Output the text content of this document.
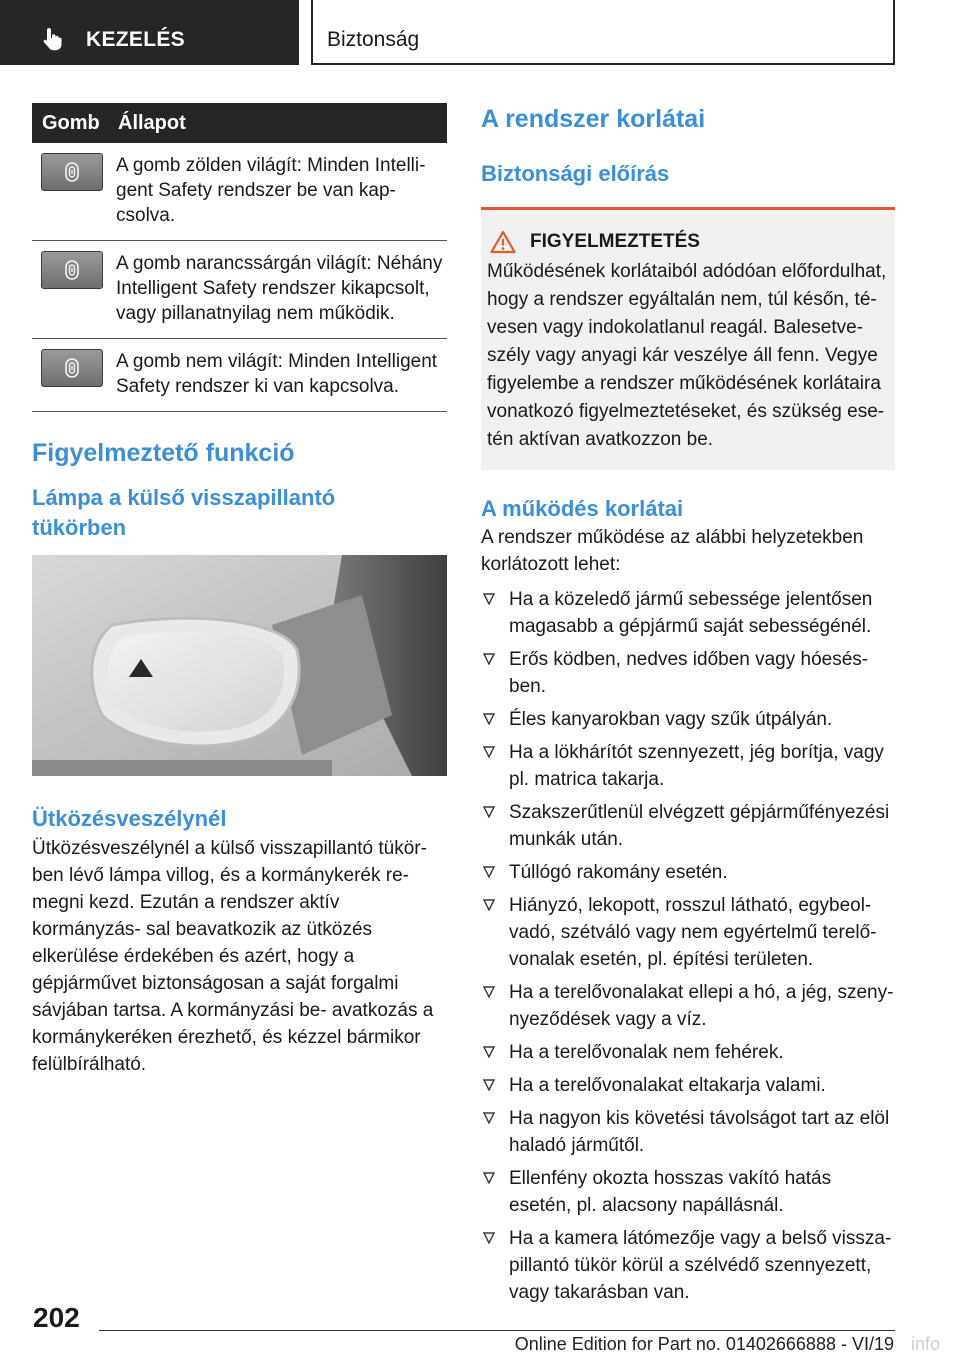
KEZELÉS	Biztonság
Gomb	Állapot

	A gomb zölden világít: Minden Intelli- gent Safety rendszer be van kap- csolva.

	A gomb narancssárgán világít: Néhány Intelligent Safety rendszer kikapcsolt, vagy pillanatnyilag nem működik.

	A gomb nem világít: Minden Intelligent Safety rendszer ki van kapcsolva.
Figyelmeztető funkció
Lámpa a külső visszapillantó tükörben
Ütközésveszélynél
Ütközésveszélynél a külső visszapillantó tükör- ben lévő lámpa villog, és a kormánykerék re- megni kezd. Ezután a rendszer aktív kormányzás- sal beavatkozik az ütközés elkerülése érdekében és azért, hogy a gépjárművet biztonságosan a saját forgalmi sávjában tartsa. A kormányzási be- avatkozás a kormánykeréken érezhető, és kézzel bármikor felülbírálható.
A rendszer korlátai
Biztonsági előírás
FIGYELMEZTETÉS
Működésének korlátaiból adódóan előfordulhat, hogy a rendszer egyáltalán nem, túl későn, té- vesen vagy indokolatlanul reagál. Balesetve- szély vagy anyagi kár veszélye áll fenn. Vegye figyelembe a rendszer működésének korlátaira vonatkozó figyelmeztetéseket, és szükség ese- tén aktívan avatkozzon be.
A működés korlátai
A rendszer működése az alábbi helyzetekben korlátozott lehet:
Ha a közeledő jármű sebessége jelentősen magasabb a gépjármű saját sebességénél.
Erős ködben, nedves időben vagy hóesés- ben.
Éles kanyarokban vagy szűk útpályán.
Ha a lökhárítót szennyezett, jég borítja, vagy pl. matrica takarja.
Szakszerűtlenül elvégzett gépjárműfényezési munkák után.
Túllógó rakomány esetén.
Hiányzó, lekopott, rosszul látható, egybeol- vadó, szétváló vagy nem egyértelmű terelő- vonalak esetén, pl. építési területen.
Ha a terelővonalakat ellepi a hó, a jég, szeny- nyeződések vagy a víz.
Ha a terelővonalak nem fehérek.
Ha a terelővonalakat eltakarja valami.
Ha nagyon kis követési távolságot tart az elöl haladó járműtől.
Ellenfény okozta hosszas vakító hatás esetén, pl. alacsony napállásnál.
Ha a kamera látómezője vagy a belső vissza- pillantó tükör körül a szélvédő szennyezett, vagy takarásban van.
202
info
Online Edition for Part no. 01402666888 - VI/19
